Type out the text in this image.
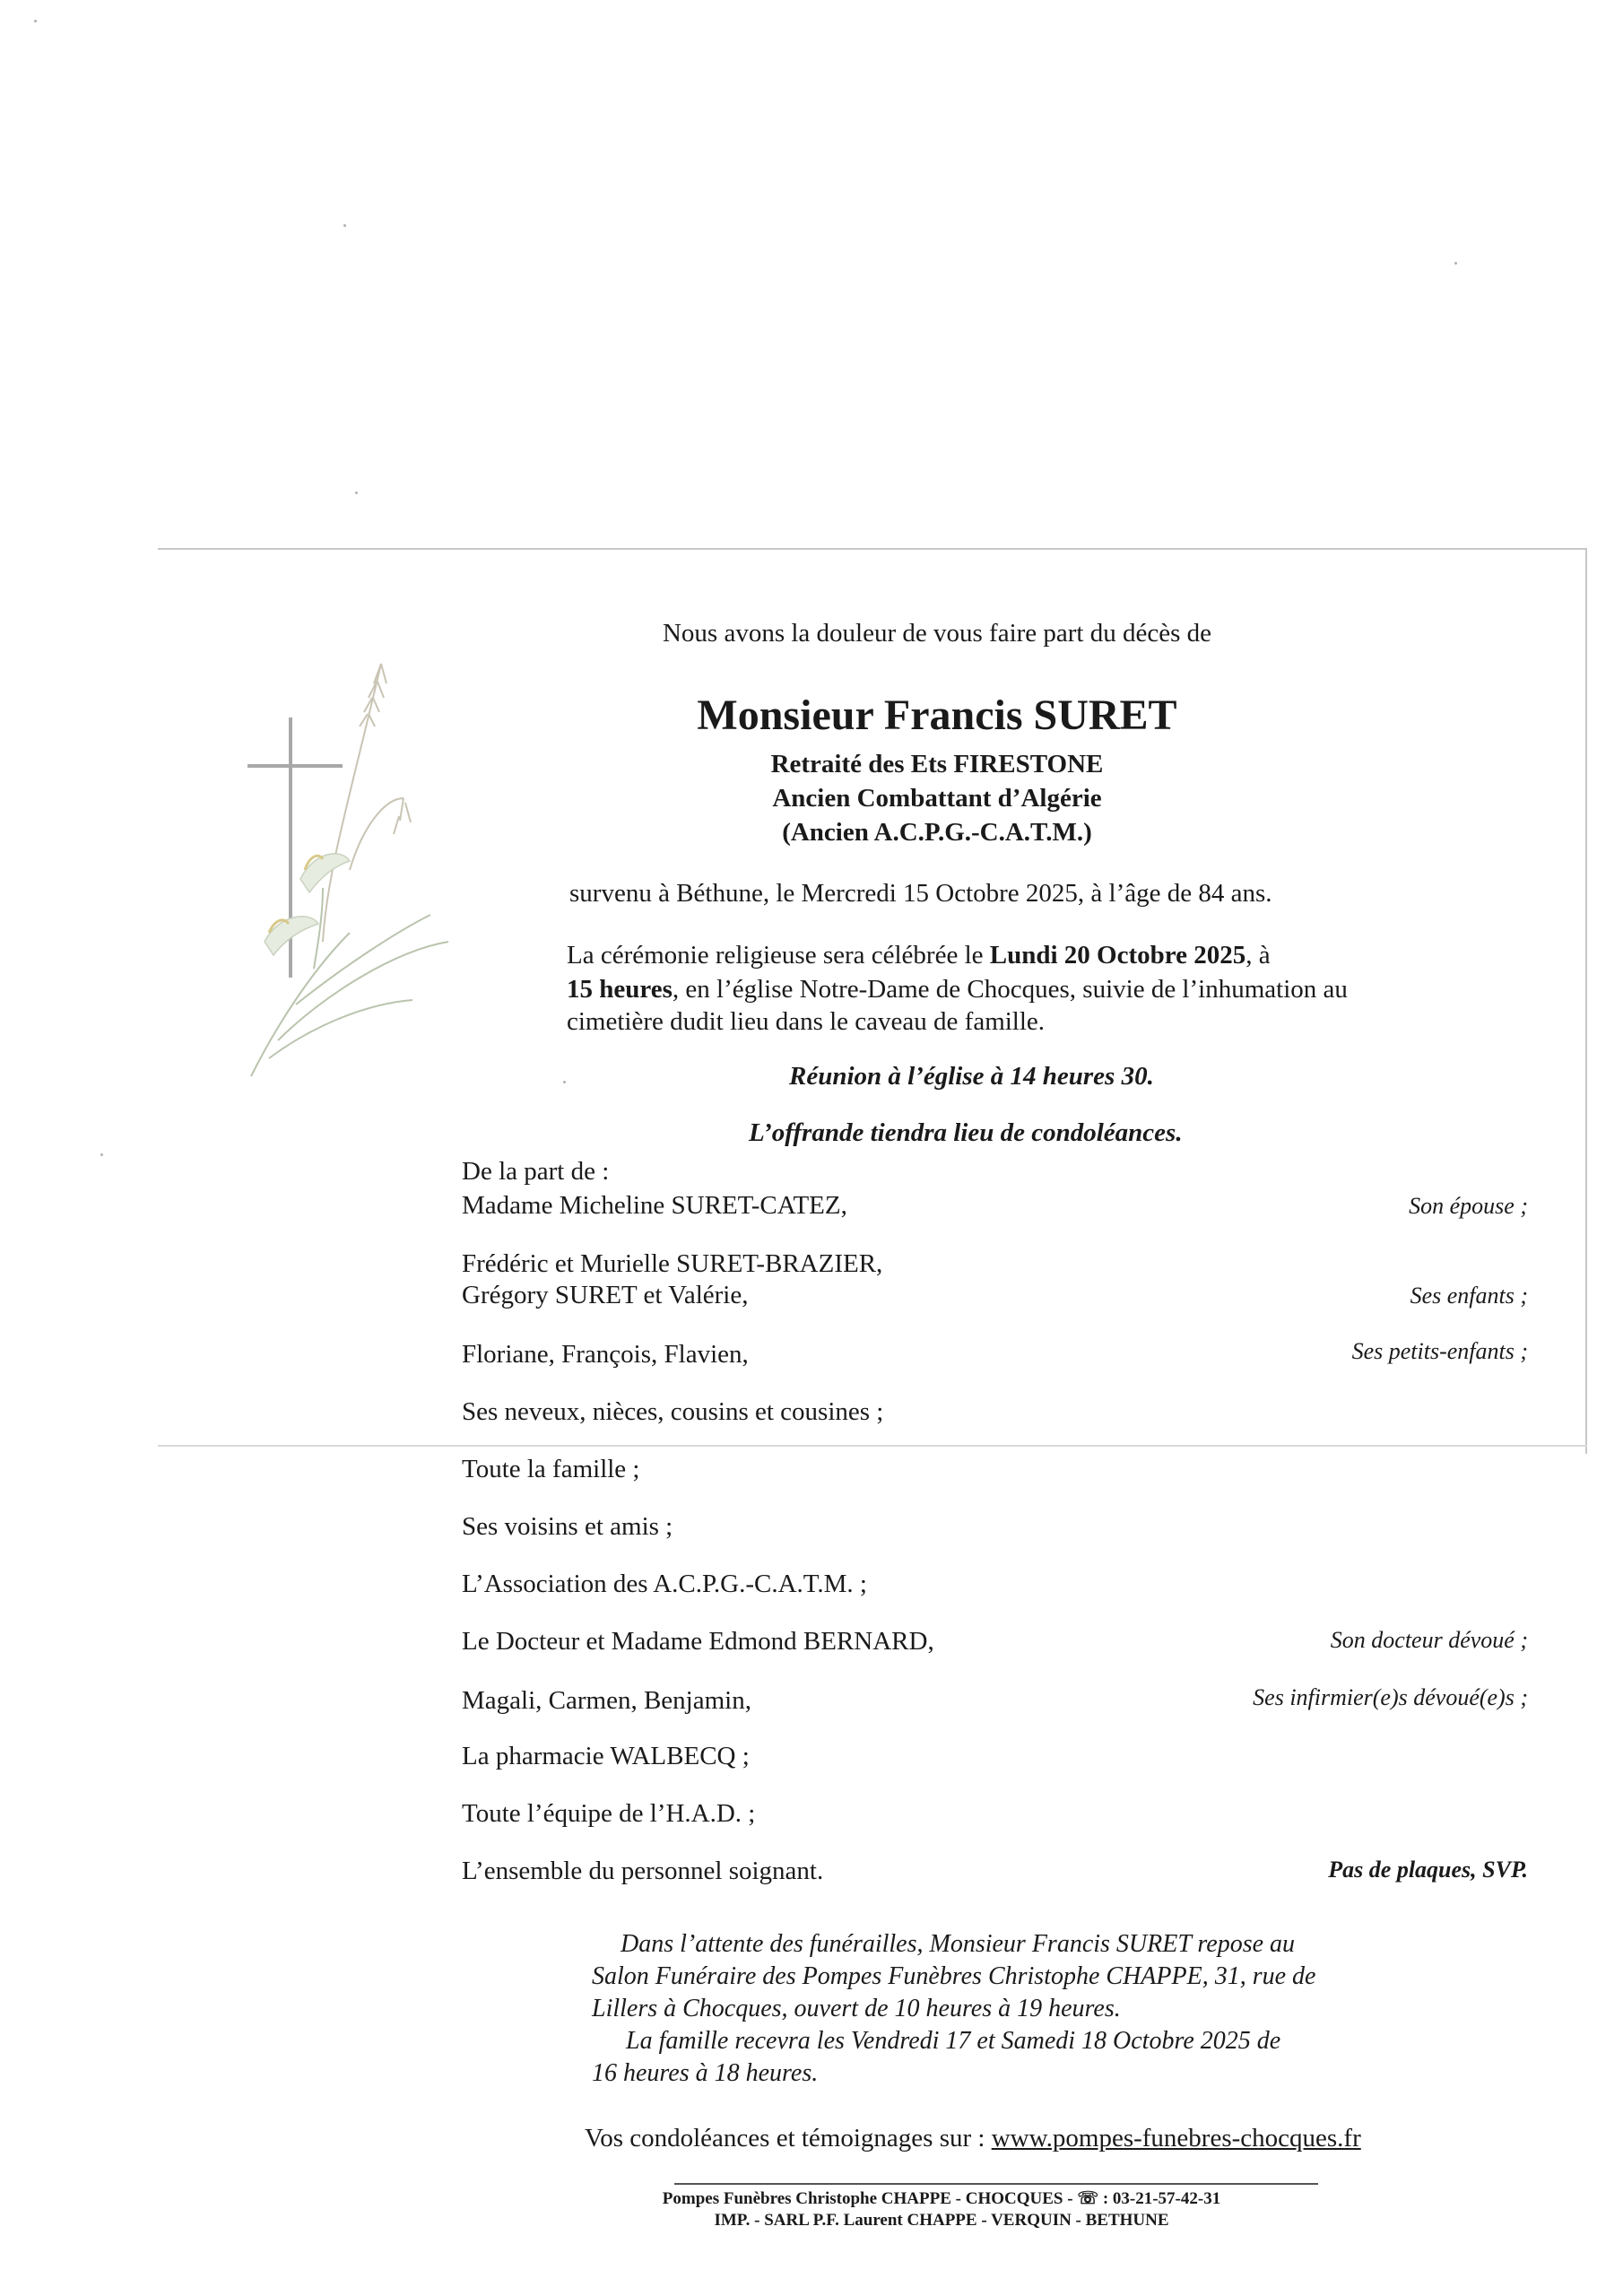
Nous avons la douleur de vous faire part du décès de
Monsieur Francis SURET
Retraité des Ets FIRESTONE
Ancien Combattant d’Algérie
(Ancien A.C.P.G.-C.A.T.M.)
survenu à Béthune, le Mercredi 15 Octobre 2025, à l’âge de 84 ans.
La cérémonie religieuse sera célébrée le Lundi 20 Octobre 2025, à
15 heures, en l’église Notre-Dame de Chocques, suivie de l’inhumation au
cimetière dudit lieu dans le caveau de famille.
Réunion à l’église à 14 heures 30.
L’offrande tiendra lieu de condoléances.
De la part de :
Madame Micheline SURET-CATEZ,	Son épouse ;
Frédéric et Murielle SURET-BRAZIER,
Grégory SURET et Valérie,	Ses enfants ;
Floriane, François, Flavien,	Ses petits-enfants ;
Ses neveux, nièces, cousins et cousines ;
Toute la famille ;
Ses voisins et amis ;
L’Association des A.C.P.G.-C.A.T.M. ;
Le Docteur et Madame Edmond BERNARD,	Son docteur dévoué ;
Magali, Carmen, Benjamin,	Ses infirmier(e)s dévoué(e)s ;
La pharmacie WALBECQ ;
Toute l’équipe de l’H.A.D. ;
L’ensemble du personnel soignant.	Pas de plaques, SVP.
Dans l’attente des funérailles, Monsieur Francis SURET repose au
Salon Funéraire des Pompes Funèbres Christophe CHAPPE, 31, rue de
Lillers à Chocques, ouvert de 10 heures à 19 heures.
La famille recevra les Vendredi 17 et Samedi 18 Octobre 2025 de
16 heures à 18 heures.
Vos condoléances et témoignages sur : www.pompes-funebres-chocques.fr
Pompes Funèbres Christophe CHAPPE - CHOCQUES - ☏ : 03-21-57-42-31
IMP. - SARL P.F. Laurent CHAPPE - VERQUIN - BETHUNE
